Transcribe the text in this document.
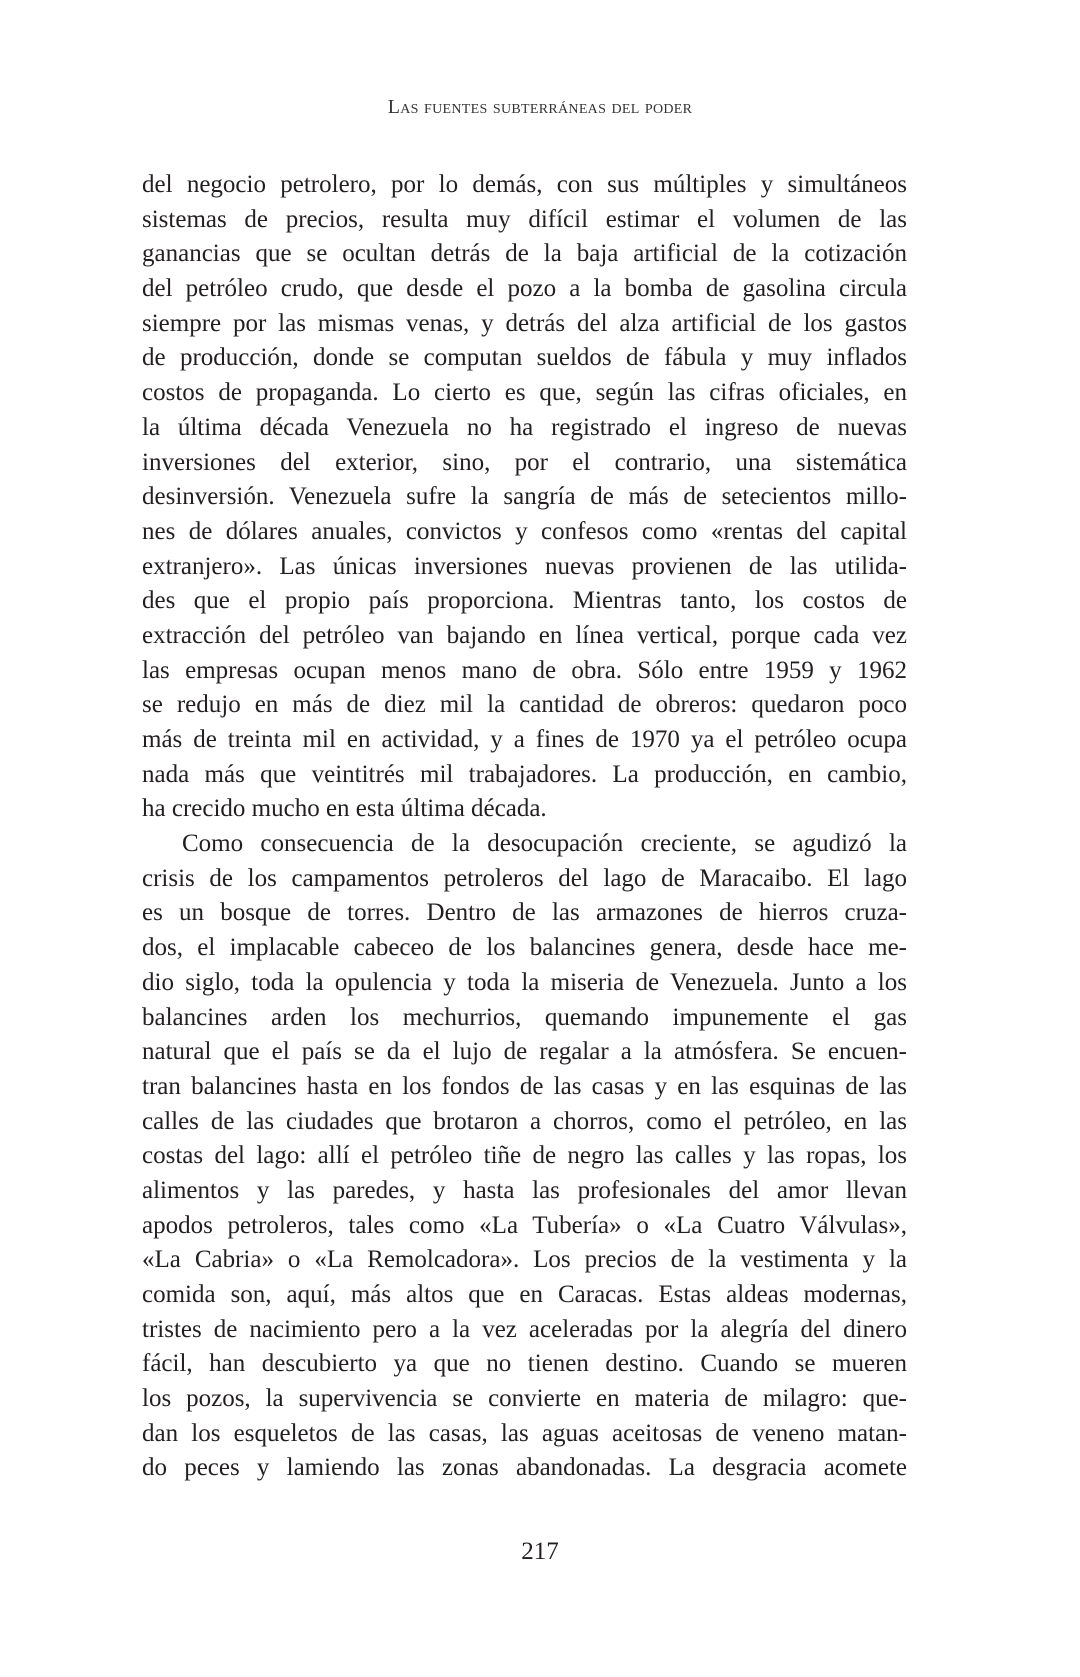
Las fuentes subterráneas del poder
del negocio petrolero, por lo demás, con sus múltiples y simultáneos
sistemas de precios, resulta muy difícil estimar el volumen de las
ganancias que se ocultan detrás de la baja artificial de la cotización
del petróleo crudo, que desde el pozo a la bomba de gasolina circula
siempre por las mismas venas, y detrás del alza artificial de los gastos
de producción, donde se computan sueldos de fábula y muy inflados
costos de propaganda. Lo cierto es que, según las cifras oficiales, en
la última década Venezuela no ha registrado el ingreso de nuevas
inversiones del exterior, sino, por el contrario, una sistemática
desinversión. Venezuela sufre la sangría de más de setecientos millo-
nes de dólares anuales, convictos y confesos como «rentas del capital
extranjero». Las únicas inversiones nuevas provienen de las utilida-
des que el propio país proporciona. Mientras tanto, los costos de
extracción del petróleo van bajando en línea vertical, porque cada vez
las empresas ocupan menos mano de obra. Sólo entre 1959 y 1962
se redujo en más de diez mil la cantidad de obreros: quedaron poco
más de treinta mil en actividad, y a fines de 1970 ya el petróleo ocupa
nada más que veintitrés mil trabajadores. La producción, en cambio,
ha crecido mucho en esta última década.
Como consecuencia de la desocupación creciente, se agudizó la
crisis de los campamentos petroleros del lago de Maracaibo. El lago
es un bosque de torres. Dentro de las armazones de hierros cruza-
dos, el implacable cabeceo de los balancines genera, desde hace me-
dio siglo, toda la opulencia y toda la miseria de Venezuela. Junto a los
balancines arden los mechurrios, quemando impunemente el gas
natural que el país se da el lujo de regalar a la atmósfera. Se encuen-
tran balancines hasta en los fondos de las casas y en las esquinas de las
calles de las ciudades que brotaron a chorros, como el petróleo, en las
costas del lago: allí el petróleo tiñe de negro las calles y las ropas, los
alimentos y las paredes, y hasta las profesionales del amor llevan
apodos petroleros, tales como «La Tubería» o «La Cuatro Válvulas»,
«La Cabria» o «La Remolcadora». Los precios de la vestimenta y la
comida son, aquí, más altos que en Caracas. Estas aldeas modernas,
tristes de nacimiento pero a la vez aceleradas por la alegría del dinero
fácil, han descubierto ya que no tienen destino. Cuando se mueren
los pozos, la supervivencia se convierte en materia de milagro: que-
dan los esqueletos de las casas, las aguas aceitosas de veneno matan-
do peces y lamiendo las zonas abandonadas. La desgracia acomete
217
